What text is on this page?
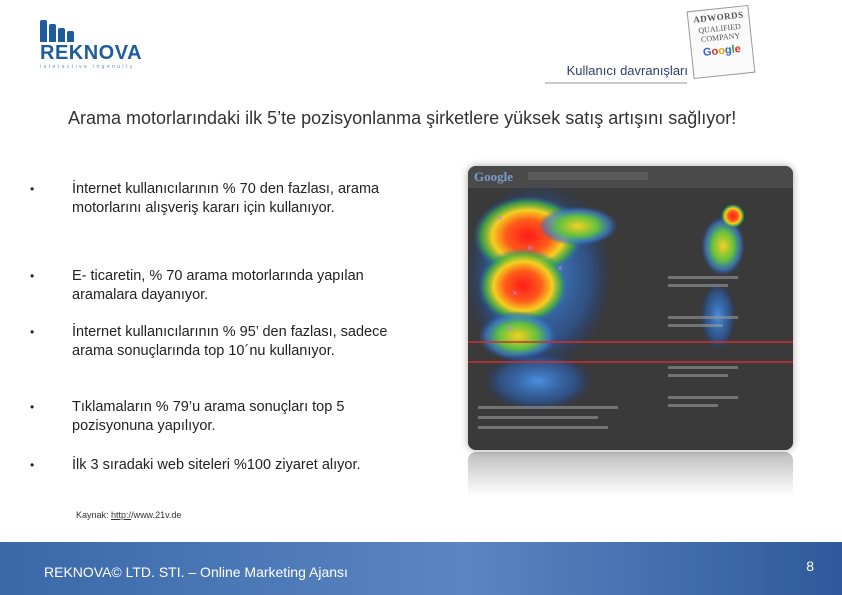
REKNOVA
interactive ingenuity	Kullanıcı davranışları
ADWORDS
QUALIFIED COMPANY
Google
Arama motorlarındaki ilk 5’te pozisyonlanma şirketlere yüksek satış artışını sağlıyor!
•	İnternet kullanıcılarının % 70 den fazlası, arama motorlarını alışveriş kararı için kullanıyor.
•	E- ticaretin, % 70 arama motorlarında yapılan aramalara dayanıyor.
•	İnternet kullanıcılarının % 95’ den fazlası, sadece arama sonuçlarında top 10´nu kullanıyor.
•	Tıklamaların % 79’u arama sonuçları top 5 pozisyonuna yapılıyor.
•	İlk 3 sıradaki web siteleri %100 ziyaret alıyor.
Google
Kaynak: http://www.21v.de
REKNOVA© LTD. STI. – Online Marketing Ajansı	8
